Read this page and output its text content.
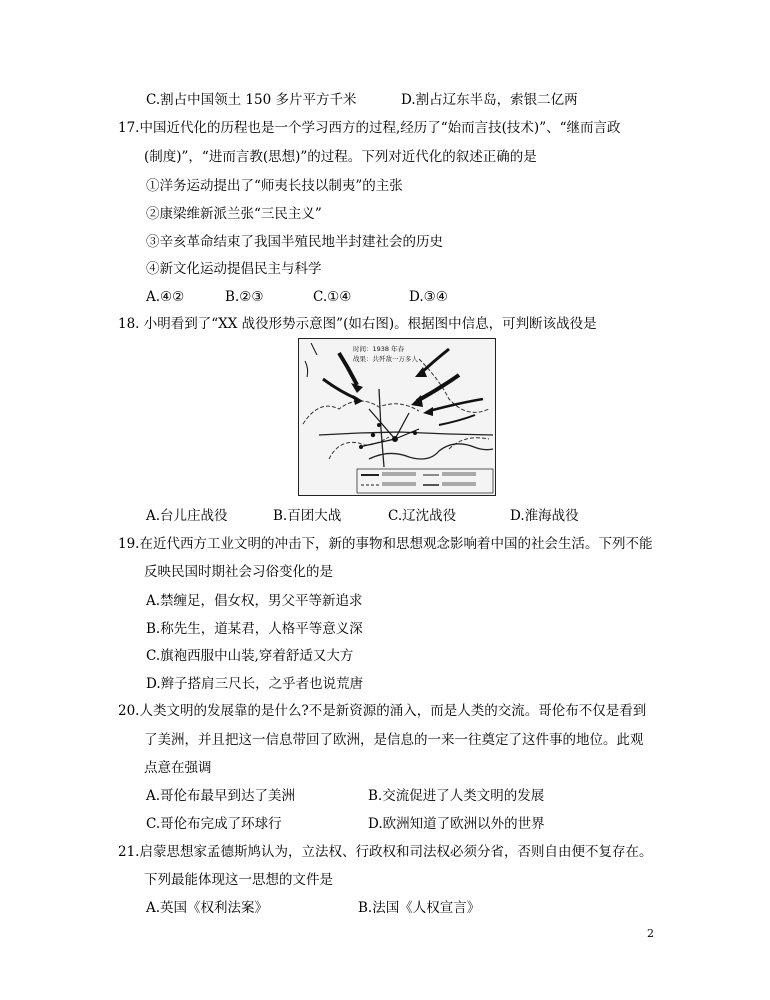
C.割占中国领土 150 多片平方千米	D.割占辽东半岛，索银二亿两
17.中国近代化的历程也是一个学习西方的过程,经历了“始而言技(技术)”、“继而言政
(制度)”，“进而言教(思想)”的过程。下列对近代化的叙述正确的是
①洋务运动提出了“师夷长技以制夷”的主张
②康梁维新派兰张“三民主义”
③辛亥革命结束了我国半殖民地半封建社会的历史
④新文化运动提倡民主与科学
A.④②	B.②③	C.①④	D.③④
18. 小明看到了“XX 战役形势示意图”(如右图)。根据图中信息，可判断该战役是
时间：1938 年春
战果：共歼敌一万多人
A.台儿庄战役	B.百团大战	C.辽沈战役	D.淮海战役
19.在近代西方工业文明的冲击下，新的事物和思想观念影响着中国的社会生活。下列不能
反映民国时期社会习俗变化的是
A.禁缠足，倡女权，男父平等新追求
B.称先生，道某君，人格平等意义深
C.旗袍西服中山装,穿着舒适又大方
D.辫子搭肩三尺长，之乎者也说荒唐
20.人类文明的发展靠的是什么?不是新资源的涌入，而是人类的交流。哥伦布不仅是看到
了美洲，并且把这一信息带回了欧洲，是信息的一来一往奠定了这件事的地位。此观
点意在强调
A.哥伦布最早到达了美洲	B.交流促进了人类文明的发展
C.哥伦布完成了环球行	D.欧洲知道了欧洲以外的世界
21.启蒙思想家孟德斯鸠认为，立法权、行政权和司法权必须分省，否则自由便不复存在。
下列最能体现这一思想的文件是
A.英国《权利法案》	B.法国《人权宣言》
2
